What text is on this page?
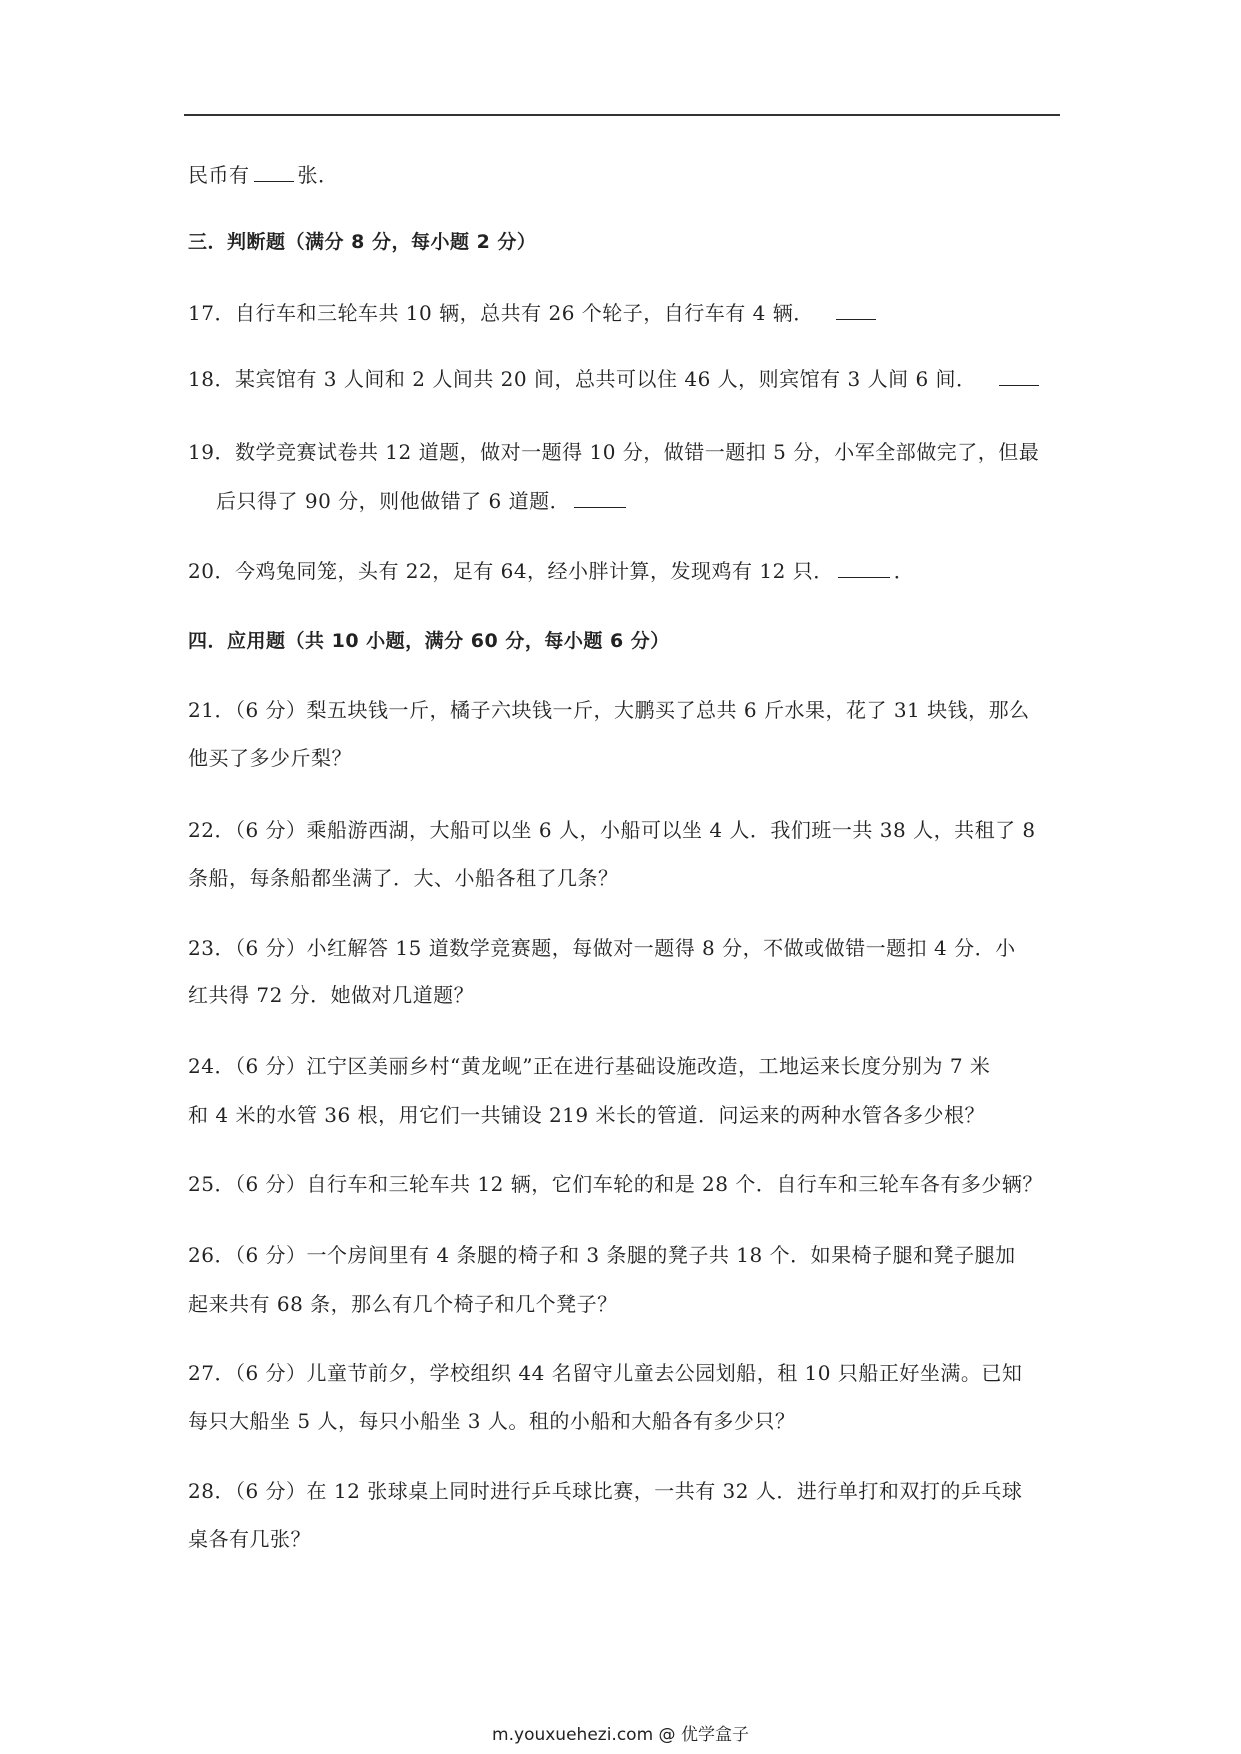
民币有 张．
三．判断题（满分 8 分，每小题 2 分）
17．自行车和三轮车共 10 辆，总共有 26 个轮子，自行车有 4 辆．
18．某宾馆有 3 人间和 2 人间共 20 间，总共可以住 46 人，则宾馆有 3 人间 6 间．
19．数学竞赛试卷共 12 道题，做对一题得 10 分，做错一题扣 5 分，小军全部做完了，但最
后只得了 90 分，则他做错了 6 道题．
20．今鸡兔同笼，头有 22，足有 64，经小胖计算，发现鸡有 12 只．	．
四．应用题（共 10 小题，满分 60 分，每小题 6 分）
21．（6 分）梨五块钱一斤，橘子六块钱一斤，大鹏买了总共 6 斤水果，花了 31 块钱，那么
他买了多少斤梨？
22．（6 分）乘船游西湖，大船可以坐 6 人，小船可以坐 4 人．我们班一共 38 人，共租了 8
条船，每条船都坐满了．大、小船各租了几条？
23．（6 分）小红解答 15 道数学竞赛题，每做对一题得 8 分，不做或做错一题扣 4 分．小
红共得 72 分．她做对几道题？
24．（6 分）江宁区美丽乡村“黄龙岘”正在进行基础设施改造，工地运来长度分别为 7 米
和 4 米的水管 36 根，用它们一共铺设 219 米长的管道．问运来的两种水管各多少根？
25．（6 分）自行车和三轮车共 12 辆，它们车轮的和是 28 个．自行车和三轮车各有多少辆？
26．（6 分）一个房间里有 4 条腿的椅子和 3 条腿的凳子共 18 个．如果椅子腿和凳子腿加
起来共有 68 条，那么有几个椅子和几个凳子？
27．（6 分）儿童节前夕，学校组织 44 名留守儿童去公园划船，租 10 只船正好坐满。已知
每只大船坐 5 人，每只小船坐 3 人。租的小船和大船各有多少只？
28．（6 分）在 12 张球桌上同时进行乒乓球比赛，一共有 32 人．进行单打和双打的乒乓球
桌各有几张？
m.youxuehezi.com @ 优学盒子
